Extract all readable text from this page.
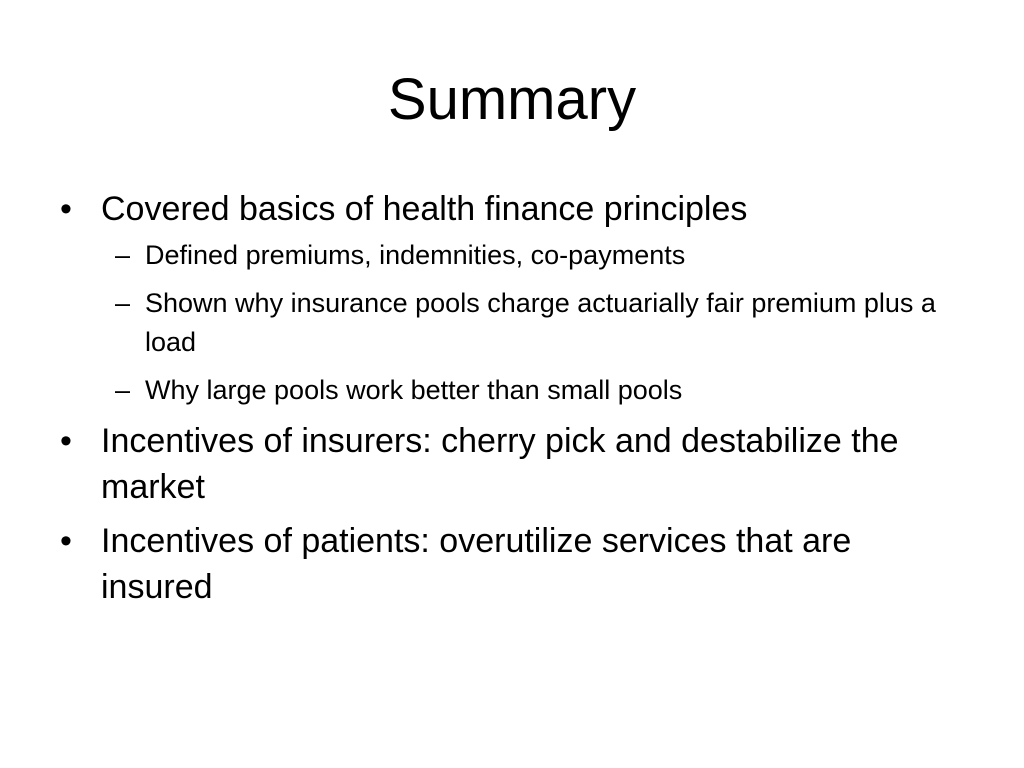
Summary
• Covered basics of health finance principles
– Defined premiums, indemnities, co-payments
– Shown why insurance pools charge actuarially fair premium plus a load
– Why large pools work better than small pools
• Incentives of insurers: cherry pick and destabilize the market
• Incentives of patients: overutilize services that are insured
